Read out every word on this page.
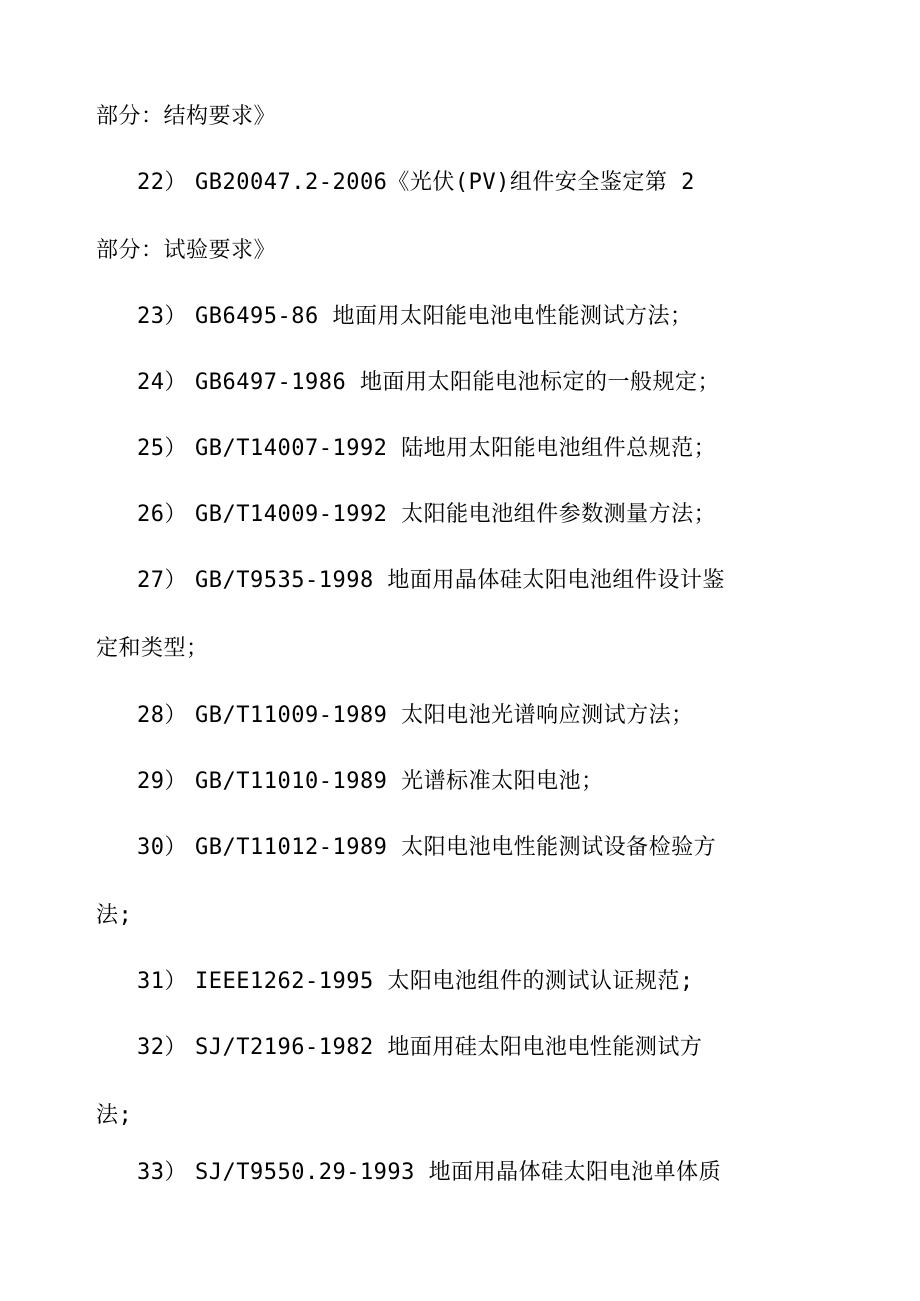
部分：结构要求》
22） GB20047.2-2006《光伏(PV)组件安全鉴定第 2
部分：试验要求》
23） GB6495-86 地面用太阳能电池电性能测试方法；
24） GB6497-1986 地面用太阳能电池标定的一般规定；
25） GB/T14007-1992 陆地用太阳能电池组件总规范；
26） GB/T14009-1992 太阳能电池组件参数测量方法；
27） GB/T9535-1998 地面用晶体硅太阳电池组件设计鉴
定和类型；
28） GB/T11009-1989 太阳电池光谱响应测试方法；
29） GB/T11010-1989 光谱标准太阳电池；
30） GB/T11012-1989 太阳电池电性能测试设备检验方
法;
31） IEEE1262-1995 太阳电池组件的测试认证规范;
32） SJ/T2196-1982 地面用硅太阳电池电性能测试方
法;
33） SJ/T9550.29-1993 地面用晶体硅太阳电池单体质
